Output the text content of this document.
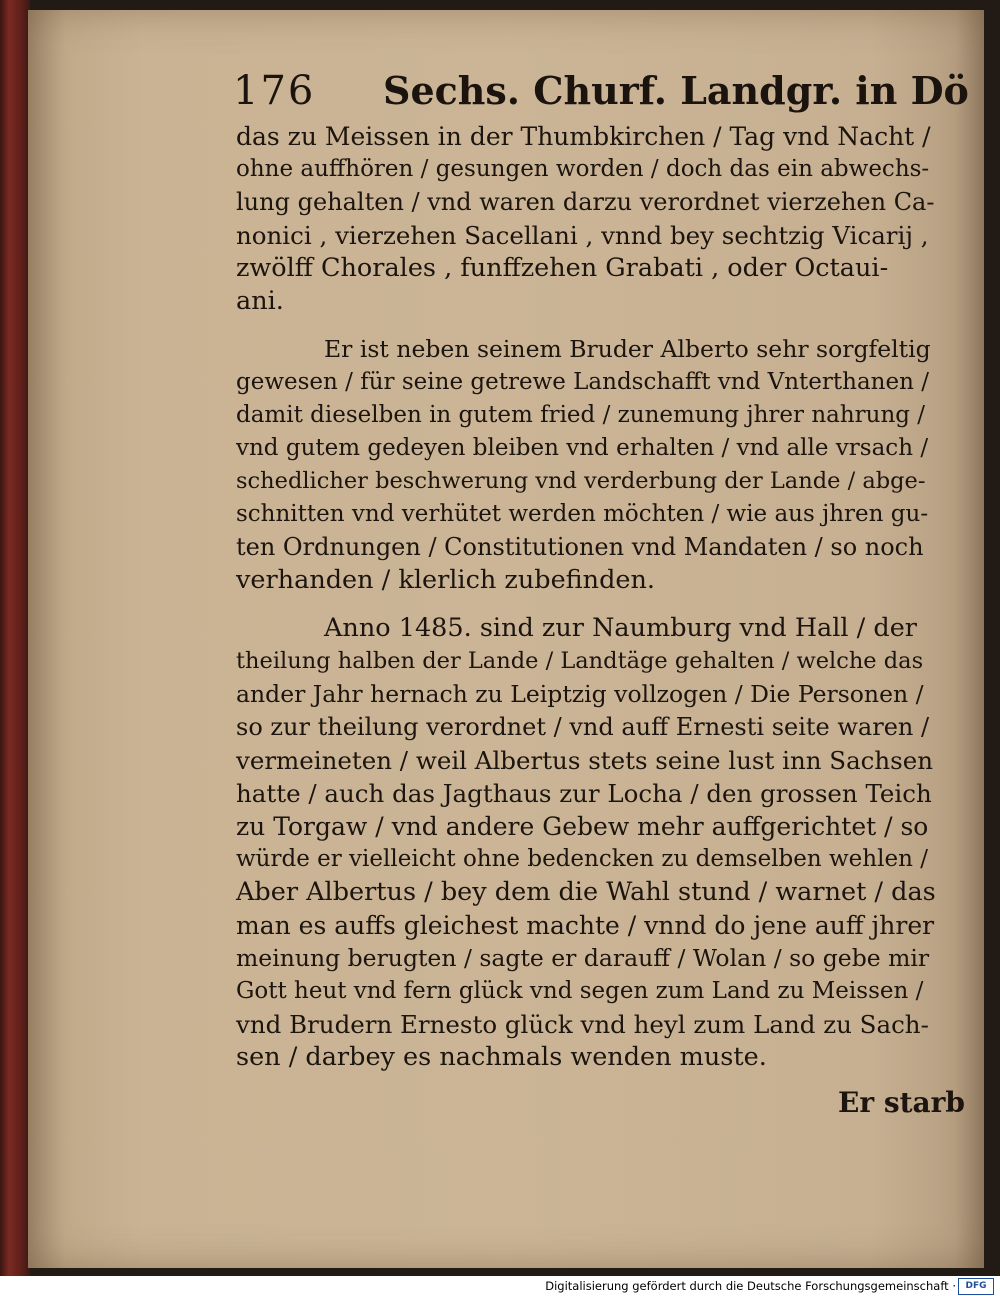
176 Sechs. Churf. Landgr. in Dö
das zu Meissen in der Thumbkirchen / Tag vnd Nacht /
ohne auffhören / gesungen worden / doch das ein abwechs-
lung gehalten / vnd waren darzu verordnet vierzehen Ca-
nonici , vierzehen Sacellani , vnnd bey sechtzig Vicarij ,
zwölff Chorales , funffzehen Grabati , oder Octaui-
ani.
Er ist neben seinem Bruder Alberto sehr sorgfeltig
gewesen / für seine getrewe Landschafft vnd Vnterthanen /
damit dieselben in gutem fried / zunemung jhrer nahrung /
vnd gutem gedeyen bleiben vnd erhalten / vnd alle vrsach /
schedlicher beschwerung vnd verderbung der Lande / abge-
schnitten vnd verhütet werden möchten / wie aus jhren gu-
ten Ordnungen / Constitutionen vnd Mandaten / so noch
verhanden / klerlich zubefinden.
Anno 1485. sind zur Naumburg vnd Hall / der
theilung halben der Lande / Landtäge gehalten / welche das
ander Jahr hernach zu Leiptzig vollzogen / Die Personen /
so zur theilung verordnet / vnd auff Ernesti seite waren /
vermeineten / weil Albertus stets seine lust inn Sachsen
hatte / auch das Jagthaus zur Locha / den grossen Teich
zu Torgaw / vnd andere Gebew mehr auffgerichtet / so
würde er vielleicht ohne bedencken zu demselben wehlen /
Aber Albertus / bey dem die Wahl stund / warnet / das
man es auffs gleichest machte / vnnd do jene auff jhrer
meinung berugten / sagte er darauff / Wolan / so gebe mir
Gott heut vnd fern glück vnd segen zum Land zu Meissen /
vnd Brudern Ernesto glück vnd heyl zum Land zu Sach-
sen / darbey es nachmals wenden muste.
Er starb
Digitalisierung gefördert durch die Deutsche Forschungsgemeinschaft ·	DFG
